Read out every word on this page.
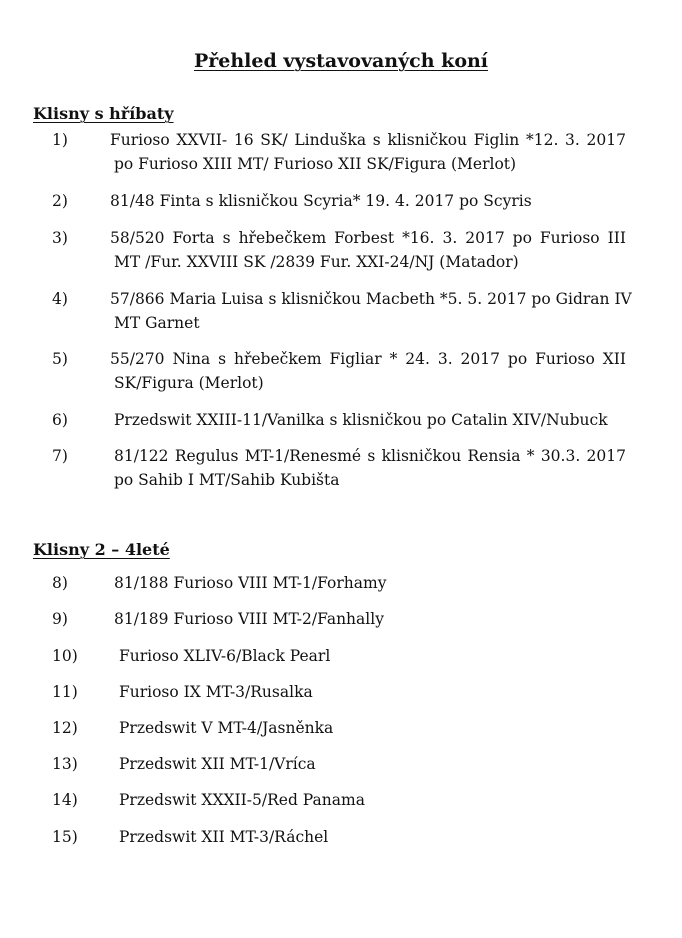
Přehled vystavovaných koní
Klisny s hříbaty
1)	Furioso XXVII- 16 SK/ Linduška s klisničkou Figlin *12. 3. 2017
po Furioso XIII MT/ Furioso XII SK/Figura (Merlot)
2)	81/48 Finta s klisničkou Scyria* 19. 4. 2017 po Scyris
3)	58/520 Forta s hřebečkem Forbest *16. 3. 2017 po Furioso III
MT /Fur. XXVIII SK /2839 Fur. XXI-24/NJ (Matador)
4)	57/866 Maria Luisa s klisničkou Macbeth *5. 5. 2017 po Gidran IV
MT Garnet
5)	55/270 Nina s hřebečkem Figliar * 24. 3. 2017 po Furioso XII
SK/Figura (Merlot)
6)	Przedswit XXIII-11/Vanilka s klisničkou po Catalin XIV/Nubuck
7)	81/122 Regulus MT-1/Renesmé s klisničkou Rensia * 30.3. 2017
po Sahib I MT/Sahib Kubišta
Klisny 2 – 4leté
8)	81/188 Furioso VIII MT-1/Forhamy
9)	81/189 Furioso VIII MT-2/Fanhally
10)	Furioso XLIV-6/Black Pearl
11)	Furioso IX MT-3/Rusalka
12)	Przedswit V MT-4/Jasněnka
13)	Przedswit XII MT-1/Vríca
14)	Przedswit XXXII-5/Red Panama
15)	Przedswit XII MT-3/Ráchel
